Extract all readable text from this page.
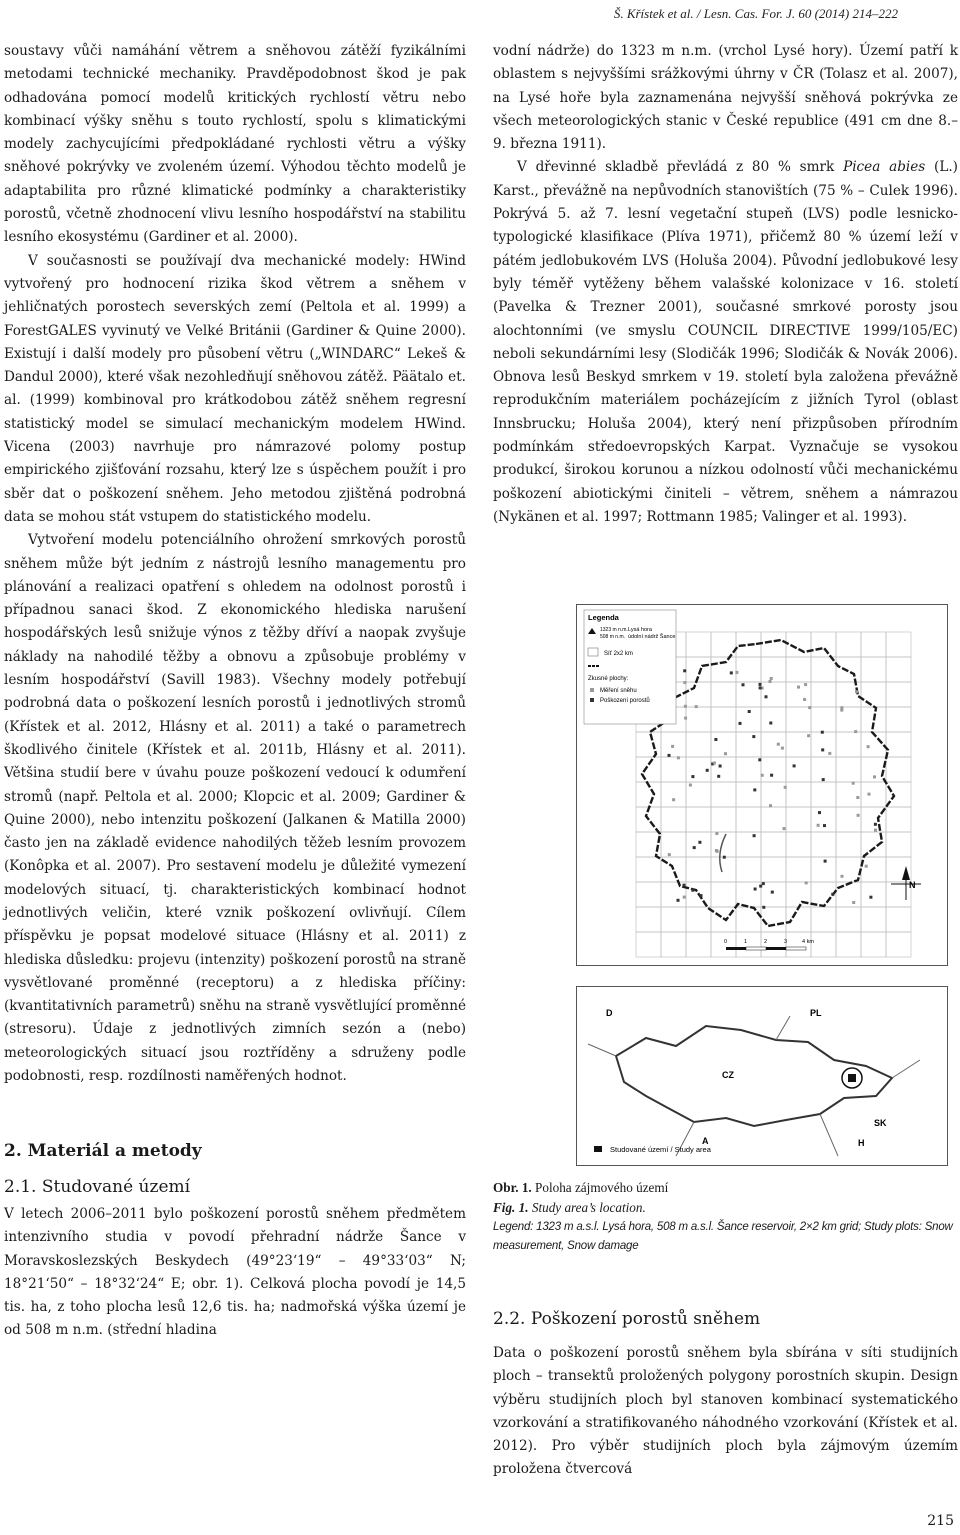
Š. Křístek et al. / Lesn. Cas. For. J. 60 (2014) 214–222

soustavy vůči namáhání větrem a sněhovou zátěží fyzikálními metodami technické mechaniky. Pravděpodobnost škod je pak odhadována pomocí modelů kritických rychlostí větru nebo kombinací výšky sněhu s touto rychlostí, spolu s klimatickými modely zachycujícími předpokládané rychlosti větru a výšky sněhové pokrývky ve zvoleném území. Výhodou těchto modelů je adaptabilita pro různé klimatické podmínky a charakteristiky porostů, včetně zhodnocení vlivu lesního hospodářství na stabilitu lesního ekosystému (Gardiner et al. 2000).

V současnosti se používají dva mechanické modely: HWind vytvořený pro hodnocení rizika škod větrem a sněhem v jehličnatých porostech severských zemí (Peltola et al. 1999) a ForestGALES vyvinutý ve Velké Británii (Gardiner & Quine 2000). Existují i další modely pro působení větru („WINDARC“ Lekeš & Dandul 2000), které však nezohledňují sněhovou zátěž. Päätalo et. al. (1999) kombinoval pro krátkodobou zátěž sněhem regresní statistický model se simulací mechanickým modelem HWind. Vicena (2003) navrhuje pro námrazové polomy postup empirického zjišťování rozsahu, který lze s úspěchem použít i pro sběr dat o poškození sněhem. Jeho metodou zjištěná podrobná data se mohou stát vstupem do statistického modelu.

Vytvoření modelu potenciálního ohrožení smrkových porostů sněhem může být jedním z nástrojů lesního managementu pro plánování a realizaci opatření s ohledem na odolnost porostů i případnou sanaci škod. Z ekonomického hlediska narušení hospodářských lesů snižuje výnos z těžby dříví a naopak zvyšuje náklady na nahodilé těžby a obnovu a způsobuje problémy v lesním hospodářství (Savill 1983). Všechny modely potřebují podrobná data o poškození lesních porostů i jednotlivých stromů (Křístek et al. 2012, Hlásny et al. 2011) a také o parametrech škodlivého činitele (Křístek et al. 2011b, Hlásny et al. 2011). Většina studií bere v úvahu pouze poškození vedoucí k odumření stromů (např. Peltola et al. 2000; Klopcic et al. 2009; Gardiner & Quine 2000), nebo intenzitu poškození (Jalkanen & Matilla 2000) často jen na základě evidence nahodilých těžeb lesním provozem (Konôpka et al. 2007). Pro sestavení modelu je důležité vymezení modelových situací, tj. charakteristických kombinací hodnot jednotlivých veličin, které vznik poškození ovlivňují. Cílem příspěvku je popsat modelové situace (Hlásny et al. 2011) z hlediska důsledku: projevu (intenzity) poškození porostů na straně vysvětlované proměnné (receptoru) a z hlediska příčiny: (kvantitativních parametrů) sněhu na straně vysvětlující proměnné (stresoru). Údaje z jednotlivých zimních sezón a (nebo) meteorologických situací jsou roztříděny a sdruženy podle podobnosti, resp. rozdílnosti naměřených hodnot.

2. Materiál a metody
2.1. Studované území

V letech 2006–2011 bylo poškození porostů sněhem předmětem intenzivního studia v povodí přehradní nádrže Šance v Moravskoslezských Beskydech (49°23‘19“ – 49°33‘03“ N; 18°21‘50“ – 18°32‘24“ E; obr. 1). Celková plocha povodí je 14,5 tis. ha, z toho plocha lesů 12,6 tis. ha; nadmořská výška území je od 508 m n.m. (střední hladina

vodní nádrže) do 1323 m n.m. (vrchol Lysé hory). Území patří k oblastem s nejvyššími srážkovými úhrny v ČR (Tolasz et al. 2007), na Lysé hoře byla zaznamenána nejvyšší sněhová pokrývka ze všech meteorologických stanic v České republice (491 cm dne 8.–9. března 1911).

V dřevinné skladbě převládá z 80 % smrk Picea abies (L.) Karst., převážně na nepůvodních stanovištích (75 % – Culek 1996). Pokrývá 5. až 7. lesní vegetační stupeň (LVS) podle lesnicko-typologické klasifikace (Plíva 1971), přičemž 80 % území leží v pátém jedlobukovém LVS (Holuša 2004). Původní jedlobukové lesy byly téměř vytěženy během valašské kolonizace v 16. století (Pavelka & Trezner 2001), současné smrkové porosty jsou alochtonními (ve smyslu COUNCIL DIRECTIVE 1999/105/EC) neboli sekundárními lesy (Slodičák 1996; Slodičák & Novák 2006). Obnova lesů Beskyd smrkem v 19. století byla založena převážně reprodukčním materiálem pocházejícím z jižních Tyrol (oblast Innsbrucku; Holuša 2004), který není přizpůsoben přírodním podmínkám středoevropských Karpat. Vyznačuje se vysokou produkcí, širokou korunou a nízkou odolností vůči mechanickému poškození abiotickými činiteli – větrem, sněhem a námrazou (Nykänen et al. 1997; Rottmann 1985; Valinger et al. 1993).

2.2. Poškození porostů sněhem

Data o poškození porostů sněhem byla sbírána v síti studijních ploch – transektů proložených polygony porostních skupin. Design výběru studijních ploch byl stanoven kombinací systematického vzorkování a stratifikovaného náhodného vzorkování (Křístek et al. 2012). Pro výběr studijních ploch byla zájmovým územím proložena čtvercová

Legenda
1323 m n.m. Lysá hora
508 m n.m. údolní nádrž Šance
Síť 2x2 km
Zkusné plochy:
Měření sněhu
Poškození porostů
N
0	1	2	3	4 km
D	PL
CZ
SK
A	H
Studované území / Study area
Obr. 1. Poloha zájmového území
Fig. 1. Study area’s location.
Legend: 1323 m a.s.l. Lysá hora, 508 m a.s.l. Šance reservoir, 2×2 km grid; Study plots: Snow measurement, Snow damage
215
